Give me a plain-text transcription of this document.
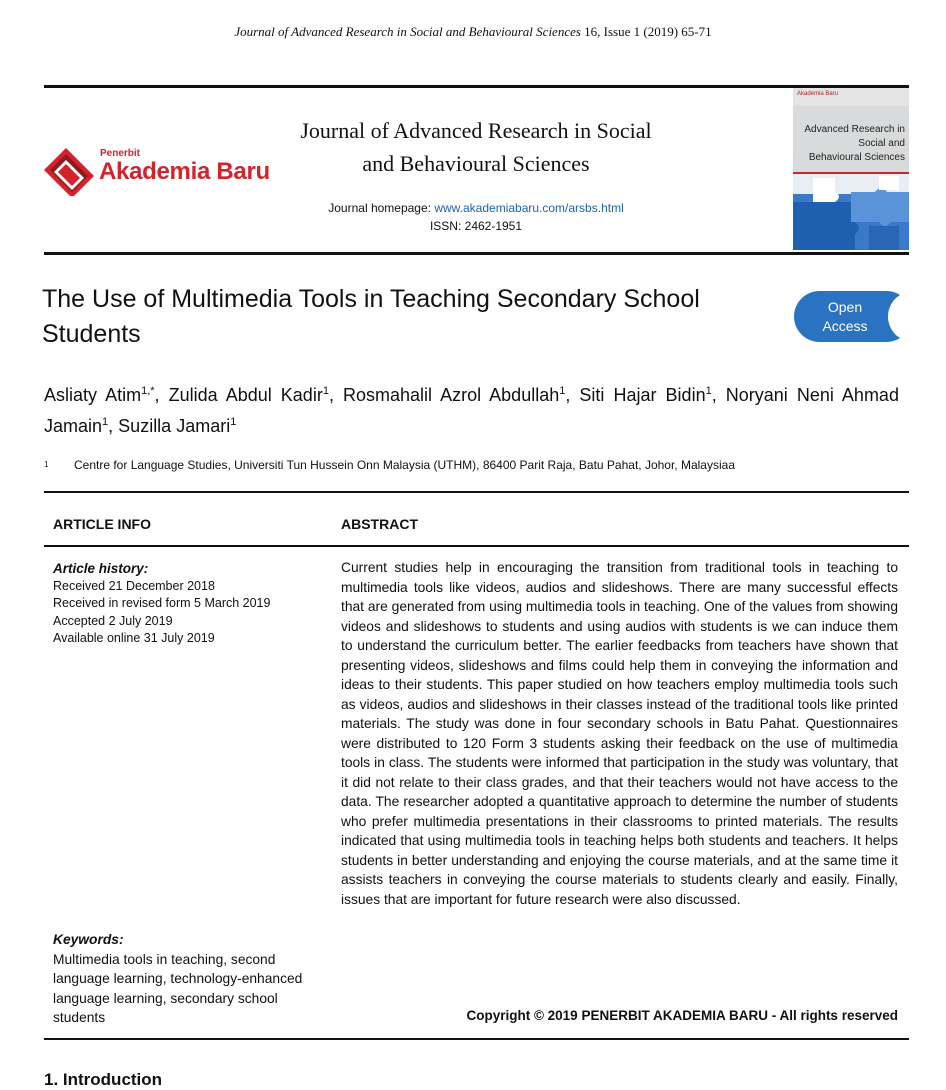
Journal of Advanced Research in Social and Behavioural Sciences 16, Issue 1 (2019) 65-71
Penerbit
Akademia Baru
Journal of Advanced Research in Social
and Behavioural Sciences
Journal homepage: www.akademiabaru.com/arsbs.html
ISSN: 2462-1951
Akademia Baru
Advanced Research in
Social and
Behavioural Sciences
The Use of Multimedia Tools in Teaching Secondary School Students
Open
Access
Asliaty Atim$^{1,*}$, Zulida Abdul Kadir$^1$, Rosmahalil Azrol Abdullah$^1$, Siti Hajar Bidin$^1$, Noryani Neni Ahmad Jamain$^1$, Suzilla Jamari$^1$
1 Centre for Language Studies, Universiti Tun Hussein Onn Malaysia (UTHM), 86400 Parit Raja, Batu Pahat, Johor, Malaysiaa
ARTICLE INFO	ABSTRACT
Article history:
Received 21 December 2018
Received in revised form 5 March 2019
Accepted 2 July 2019
Available online 31 July 2019
Current studies help in encouraging the transition from traditional tools in teaching to multimedia tools like videos, audios and slideshows. There are many successful effects that are generated from using multimedia tools in teaching. One of the values from showing videos and slideshows to students and using audios with students is we can induce them to understand the curriculum better. The earlier feedbacks from teachers have shown that presenting videos, slideshows and films could help them in conveying the information and ideas to their students. This paper studied on how teachers employ multimedia tools such as videos, audios and slideshows in their classes instead of the traditional tools like printed materials. The study was done in four secondary schools in Batu Pahat. Questionnaires were distributed to 120 Form 3 students asking their feedback on the use of multimedia tools in class. The students were informed that participation in the study was voluntary, that it did not relate to their class grades, and that their teachers would not have access to the data. The researcher adopted a quantitative approach to determine the number of students who prefer multimedia presentations in their classrooms to printed materials. The results indicated that using multimedia tools in teaching helps both students and teachers. It helps students in better understanding and enjoying the course materials, and at the same time it assists teachers in conveying the course materials to students clearly and easily. Finally, issues that are important for future research were also discussed.
Keywords:
Multimedia tools in teaching, second language learning, technology-enhanced language learning, secondary school students	Copyright © 2019 PENERBIT AKADEMIA BARU - All rights reserved
1. Introduction
